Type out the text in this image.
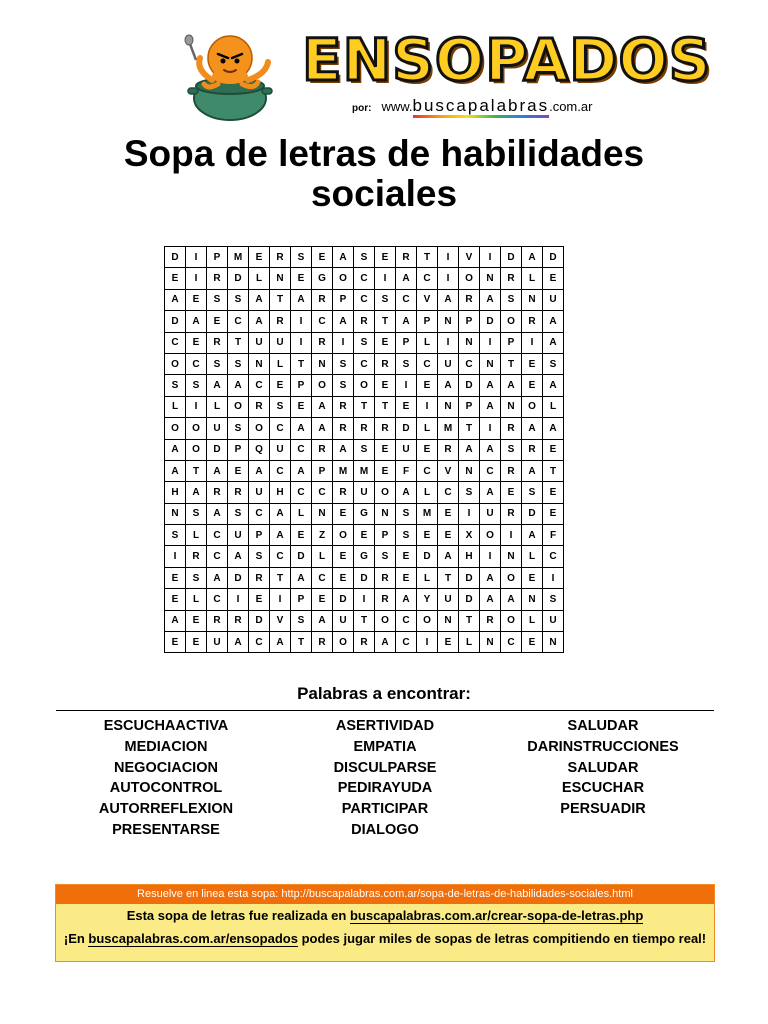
ENSOPADOS
por: www.buscapalabras.com.ar
Sopa de letras de habilidades
sociales
D	I	P	M	E	R	S	E	A	S	E	R	T	I	V	I	D	A	D
E	I	R	D	L	N	E	G	O	C	I	A	C	I	O	N	R	L	E
A	E	S	S	A	T	A	R	P	C	S	C	V	A	R	A	S	N	U
D	A	E	C	A	R	I	C	A	R	T	A	P	N	P	D	O	R	A
C	E	R	T	U	U	I	R	I	S	E	P	L	I	N	I	P	I	A
O	C	S	S	N	L	T	N	S	C	R	S	C	U	C	N	T	E	S
S	S	A	A	C	E	P	O	S	O	E	I	E	A	D	A	A	E	A
L	I	L	O	R	S	E	A	R	T	T	E	I	N	P	A	N	O	L
O	O	U	S	O	C	A	A	R	R	R	D	L	M	T	I	R	A	A
A	O	D	P	Q	U	C	R	A	S	E	U	E	R	A	A	S	R	E
A	T	A	E	A	C	A	P	M	M	E	F	C	V	N	C	R	A	T
H	A	R	R	U	H	C	C	R	U	O	A	L	C	S	A	E	S	E
N	S	A	S	C	A	L	N	E	G	N	S	M	E	I	U	R	D	E
S	L	C	U	P	A	E	Z	O	E	P	S	E	E	X	O	I	A	F
I	R	C	A	S	C	D	L	E	G	S	E	D	A	H	I	N	L	C
E	S	A	D	R	T	A	C	E	D	R	E	L	T	D	A	O	E	I
E	L	C	I	E	I	P	E	D	I	R	A	Y	U	D	A	A	N	S
A	E	R	R	D	V	S	A	U	T	O	C	O	N	T	R	O	L	U
E	E	U	A	C	A	T	R	O	R	A	C	I	E	L	N	C	E	N
Palabras a encontrar:
ESCUCHAACTIVA
MEDIACION
NEGOCIACION
AUTOCONTROL
AUTORREFLEXION
PRESENTARSE
ASERTIVIDAD
EMPATIA
DISCULPARSE
PEDIRAYUDA
PARTICIPAR
DIALOGO
SALUDAR
DARINSTRUCCIONES
SALUDAR
ESCUCHAR
PERSUADIR
Resuelve en linea esta sopa: http://buscapalabras.com.ar/sopa-de-letras-de-habilidades-sociales.html
Esta sopa de letras fue realizada en buscapalabras.com.ar/crear-sopa-de-letras.php
¡En buscapalabras.com.ar/ensopados podes jugar miles de sopas de letras compitiendo en tiempo real!
